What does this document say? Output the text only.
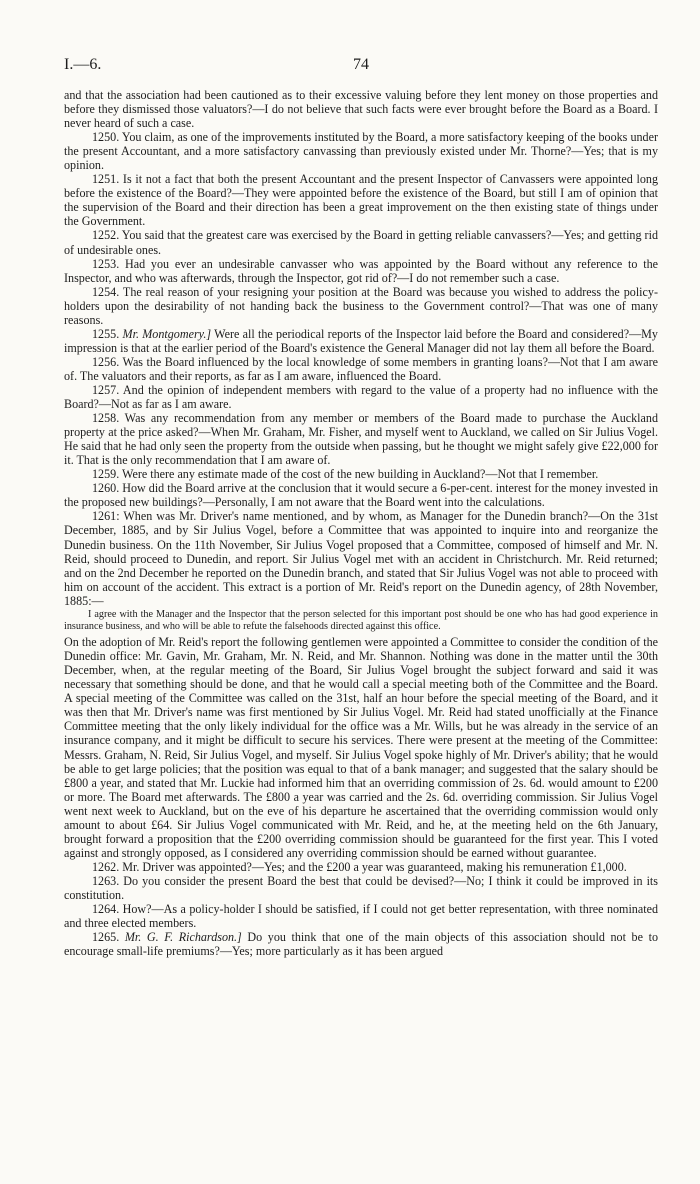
I.—6.	74

and that the association had been cautioned as to their excessive valuing before they lent money on those properties and before they dismissed those valuators?—I do not believe that such facts were ever brought before the Board as a Board. I never heard of such a case.

1250. You claim, as one of the improvements instituted by the Board, a more satisfactory keeping of the books under the present Accountant, and a more satisfactory canvassing than previously existed under Mr. Thorne?—Yes; that is my opinion.

1251. Is it not a fact that both the present Accountant and the present Inspector of Canvassers were appointed long before the existence of the Board?—They were appointed before the existence of the Board, but still I am of opinion that the supervision of the Board and their direction has been a great improvement on the then existing state of things under the Government.

1252. You said that the greatest care was exercised by the Board in getting reliable canvassers?—Yes; and getting rid of undesirable ones.

1253. Had you ever an undesirable canvasser who was appointed by the Board without any reference to the Inspector, and who was afterwards, through the Inspector, got rid of?—I do not remember such a case.

1254. The real reason of your resigning your position at the Board was because you wished to address the policy-holders upon the desirability of not handing back the business to the Government control?—That was one of many reasons.

1255. Mr. Montgomery.] Were all the periodical reports of the Inspector laid before the Board and considered?—My impression is that at the earlier period of the Board's existence the General Manager did not lay them all before the Board.

1256. Was the Board influenced by the local knowledge of some members in granting loans?—Not that I am aware of. The valuators and their reports, as far as I am aware, influenced the Board.

1257. And the opinion of independent members with regard to the value of a property had no influence with the Board?—Not as far as I am aware.

1258. Was any recommendation from any member or members of the Board made to purchase the Auckland property at the price asked?—When Mr. Graham, Mr. Fisher, and myself went to Auckland, we called on Sir Julius Vogel. He said that he had only seen the property from the outside when passing, but he thought we might safely give £22,000 for it. That is the only recommendation that I am aware of.

1259. Were there any estimate made of the cost of the new building in Auckland?—Not that I remember.

1260. How did the Board arrive at the conclusion that it would secure a 6-per-cent. interest for the money invested in the proposed new buildings?—Personally, I am not aware that the Board went into the calculations.

1261: When was Mr. Driver's name mentioned, and by whom, as Manager for the Dunedin branch?—On the 31st December, 1885, and by Sir Julius Vogel, before a Committee that was appointed to inquire into and reorganize the Dunedin business. On the 11th November, Sir Julius Vogel proposed that a Committee, composed of himself and Mr. N. Reid, should proceed to Dunedin, and report. Sir Julius Vogel met with an accident in Christchurch. Mr. Reid returned; and on the 2nd December he reported on the Dunedin branch, and stated that Sir Julius Vogel was not able to proceed with him on account of the accident. This extract is a portion of Mr. Reid's report on the Dunedin agency, of 28th November, 1885:—

I agree with the Manager and the Inspector that the person selected for this important post should be one who has had good experience in insurance business, and who will be able to refute the falsehoods directed against this office.

On the adoption of Mr. Reid's report the following gentlemen were appointed a Committee to consider the condition of the Dunedin office: Mr. Gavin, Mr. Graham, Mr. N. Reid, and Mr. Shannon. Nothing was done in the matter until the 30th December, when, at the regular meeting of the Board, Sir Julius Vogel brought the subject forward and said it was necessary that something should be done, and that he would call a special meeting both of the Committee and the Board. A special meeting of the Committee was called on the 31st, half an hour before the special meeting of the Board, and it was then that Mr. Driver's name was first mentioned by Sir Julius Vogel. Mr. Reid had stated unofficially at the Finance Committee meeting that the only likely individual for the office was a Mr. Wills, but he was already in the service of an insurance company, and it might be difficult to secure his services. There were present at the meeting of the Committee: Messrs. Graham, N. Reid, Sir Julius Vogel, and myself. Sir Julius Vogel spoke highly of Mr. Driver's ability; that he would be able to get large policies; that the position was equal to that of a bank manager; and suggested that the salary should be £800 a year, and stated that Mr. Luckie had informed him that an overriding commission of 2s. 6d. would amount to £200 or more. The Board met afterwards. The £800 a year was carried and the 2s. 6d. overriding commission. Sir Julius Vogel went next week to Auckland, but on the eve of his departure he ascertained that the overriding commission would only amount to about £64. Sir Julius Vogel communicated with Mr. Reid, and he, at the meeting held on the 6th January, brought forward a proposition that the £200 overriding commission should be guaranteed for the first year. This I voted against and strongly opposed, as I considered any overriding commission should be earned without guarantee.

1262. Mr. Driver was appointed?—Yes; and the £200 a year was guaranteed, making his remuneration £1,000.

1263. Do you consider the present Board the best that could be devised?—No; I think it could be improved in its constitution.

1264. How?—As a policy-holder I should be satisfied, if I could not get better representation, with three nominated and three elected members.

1265. Mr. G. F. Richardson.] Do you think that one of the main objects of this association should not be to encourage small-life premiums?—Yes; more particularly as it has been argued
